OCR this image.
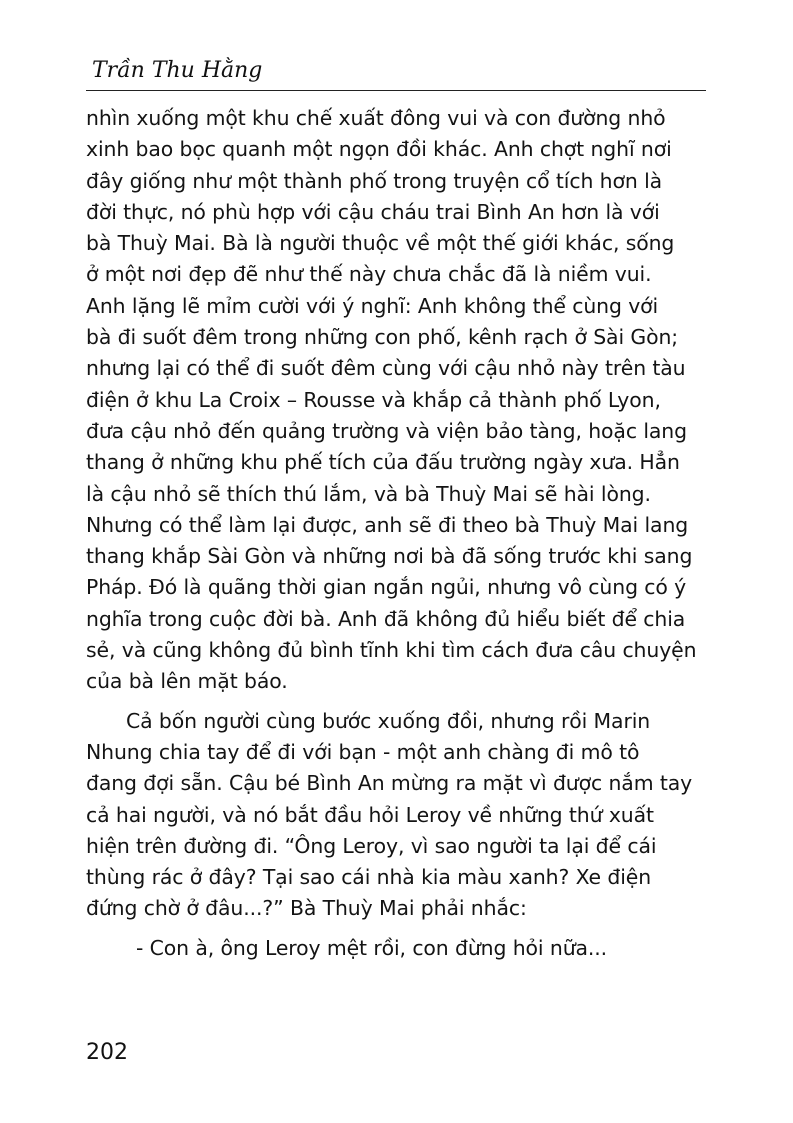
Trần Thu Hằng
nhìn xuống một khu chế xuất đông vui và con đường nhỏ
xinh bao bọc quanh một ngọn đồi khác. Anh chợt nghĩ nơi
đây giống như một thành phố trong truyện cổ tích hơn là
đời thực, nó phù hợp với cậu cháu trai Bình An hơn là với
bà Thuỳ Mai. Bà là người thuộc về một thế giới khác, sống
ở một nơi đẹp đẽ như thế này chưa chắc đã là niềm vui.
Anh lặng lẽ mỉm cười với ý nghĩ: Anh không thể cùng với
bà đi suốt đêm trong những con phố, kênh rạch ở Sài Gòn;
nhưng lại có thể đi suốt đêm cùng với cậu nhỏ này trên tàu
điện ở khu La Croix – Rousse và khắp cả thành phố Lyon,
đưa cậu nhỏ đến quảng trường và viện bảo tàng, hoặc lang
thang ở những khu phế tích của đấu trường ngày xưa. Hẳn
là cậu nhỏ sẽ thích thú lắm, và bà Thuỳ Mai sẽ hài lòng.
Nhưng có thể làm lại được, anh sẽ đi theo bà Thuỳ Mai lang
thang khắp Sài Gòn và những nơi bà đã sống trước khi sang
Pháp. Đó là quãng thời gian ngắn ngủi, nhưng vô cùng có ý
nghĩa trong cuộc đời bà. Anh đã không đủ hiểu biết để chia
sẻ, và cũng không đủ bình tĩnh khi tìm cách đưa câu chuyện
của bà lên mặt báo.
Cả bốn người cùng bước xuống đồi, nhưng rồi Marin
Nhung chia tay để đi với bạn - một anh chàng đi mô tô
đang đợi sẵn. Cậu bé Bình An mừng ra mặt vì được nắm tay
cả hai người, và nó bắt đầu hỏi Leroy về những thứ xuất
hiện trên đường đi. “Ông Leroy, vì sao người ta lại để cái
thùng rác ở đây? Tại sao cái nhà kia màu xanh? Xe điện
đứng chờ ở đâu...?” Bà Thuỳ Mai phải nhắc:
- Con à, ông Leroy mệt rồi, con đừng hỏi nữa...
202
